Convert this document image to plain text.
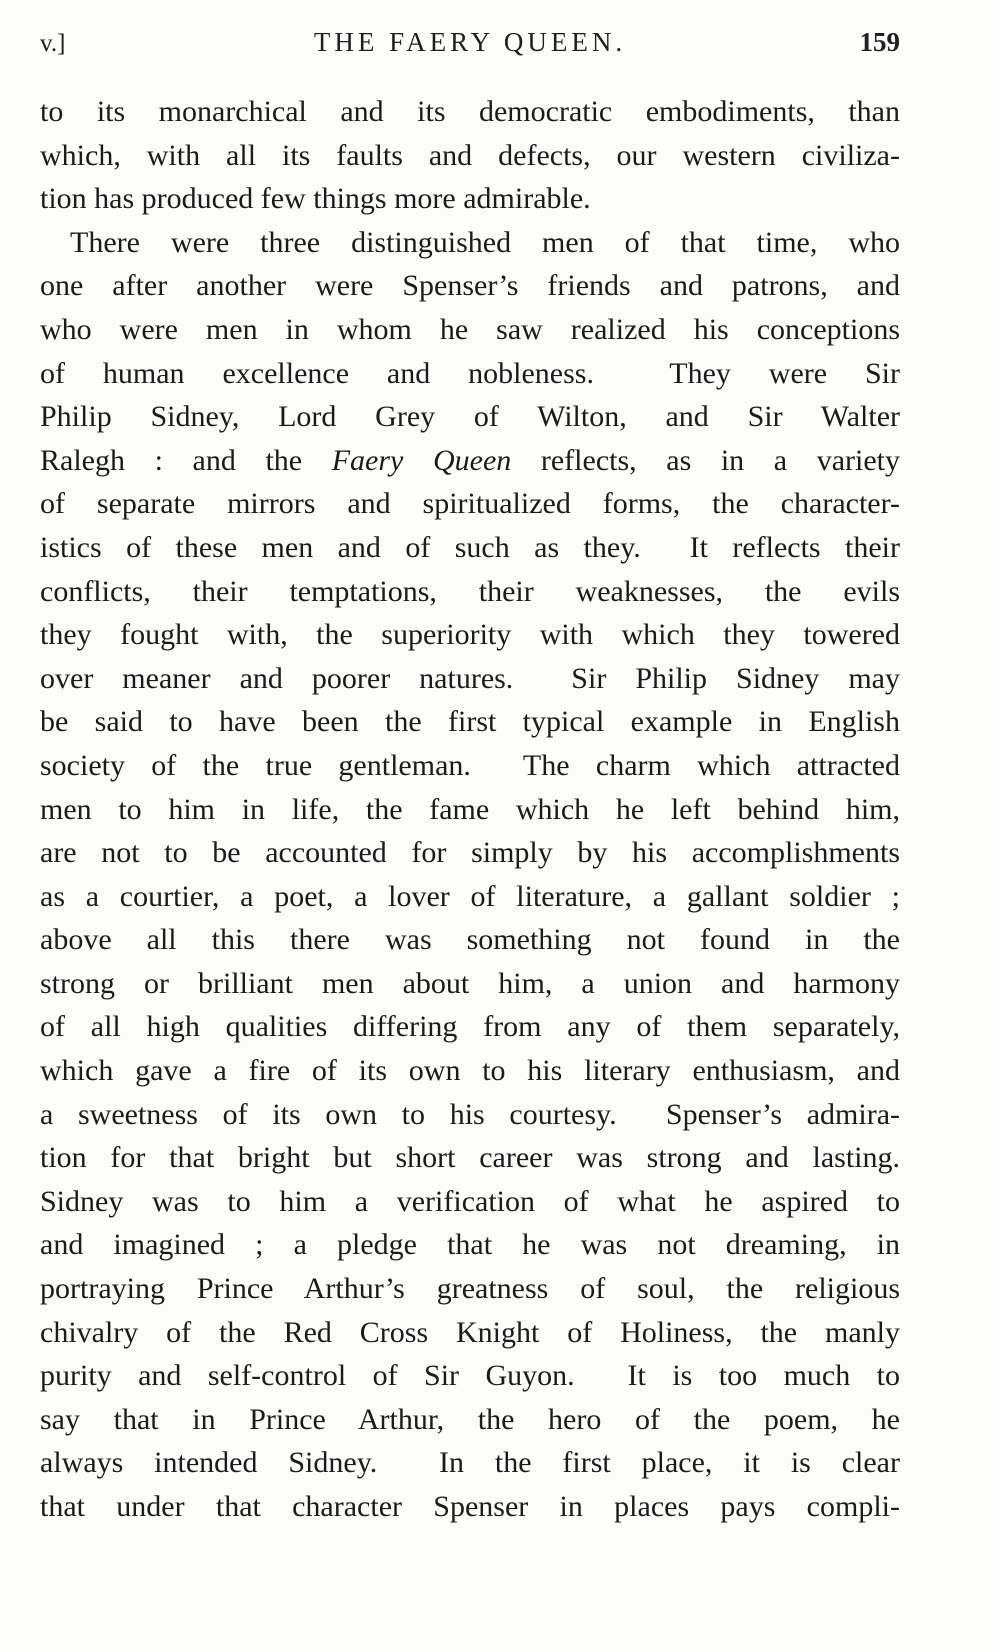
v.]	THE FAERY QUEEN.	159
to its monarchical and its democratic embodiments, than
which, with all its faults and defects, our western civiliza-
tion has produced few things more admirable.
There were three distinguished men of that time, who
one after another were Spenser’s friends and patrons, and
who were men in whom he saw realized his conceptions
of human excellence and nobleness.  They were Sir
Philip Sidney, Lord Grey of Wilton, and Sir Walter
Ralegh : and the Faery Queen reflects, as in a variety
of separate mirrors and spiritualized forms, the character-
istics of these men and of such as they.  It reflects their
conflicts, their temptations, their weaknesses, the evils
they fought with, the superiority with which they towered
over meaner and poorer natures.  Sir Philip Sidney may
be said to have been the first typical example in English
society of the true gentleman.  The charm which attracted
men to him in life, the fame which he left behind him,
are not to be accounted for simply by his accomplishments
as a courtier, a poet, a lover of literature, a gallant soldier ;
above all this there was something not found in the
strong or brilliant men about him, a union and harmony
of all high qualities differing from any of them separately,
which gave a fire of its own to his literary enthusiasm, and
a sweetness of its own to his courtesy.  Spenser’s admira-
tion for that bright but short career was strong and lasting.
Sidney was to him a verification of what he aspired to
and imagined ; a pledge that he was not dreaming, in
portraying Prince Arthur’s greatness of soul, the religious
chivalry of the Red Cross Knight of Holiness, the manly
purity and self-control of Sir Guyon.  It is too much to
say that in Prince Arthur, the hero of the poem, he
always intended Sidney.  In the first place, it is clear
that under that character Spenser in places pays compli-
